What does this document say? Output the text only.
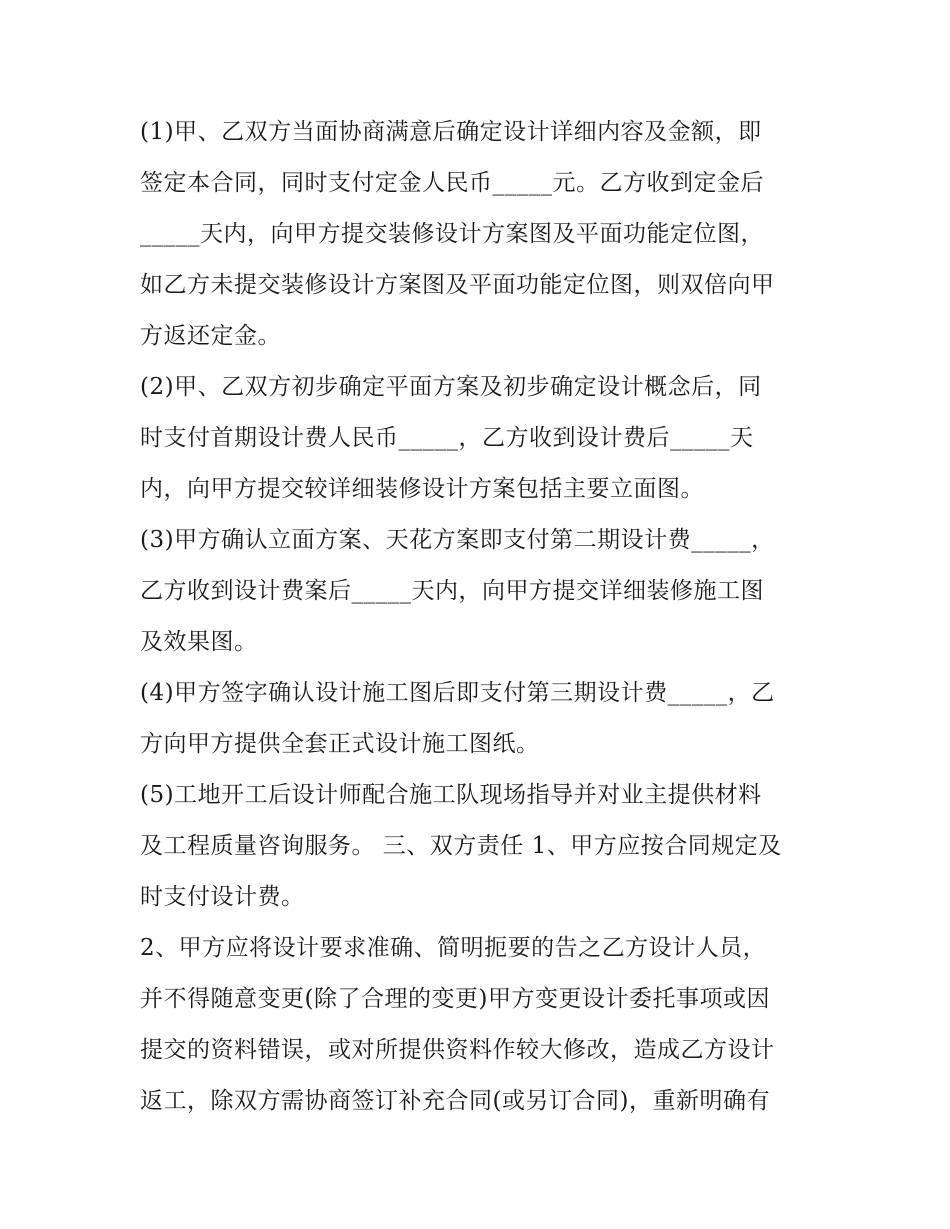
(1)甲、乙双方当面协商满意后确定设计详细内容及金额，即
签定本合同，同时支付定金人民币_____元。乙方收到定金后
_____天内，向甲方提交装修设计方案图及平面功能定位图，
如乙方未提交装修设计方案图及平面功能定位图，则双倍向甲
方返还定金。
(2)甲、乙双方初步确定平面方案及初步确定设计概念后，同
时支付首期设计费人民币_____，乙方收到设计费后_____天
内，向甲方提交较详细装修设计方案包括主要立面图。
(3)甲方确认立面方案、天花方案即支付第二期设计费_____，
乙方收到设计费案后_____天内，向甲方提交详细装修施工图
及效果图。
(4)甲方签字确认设计施工图后即支付第三期设计费_____，乙
方向甲方提供全套正式设计施工图纸。
(5)工地开工后设计师配合施工队现场指导并对业主提供材料
及工程质量咨询服务。 三、双方责任 1、甲方应按合同规定及
时支付设计费。
2、甲方应将设计要求准确、简明扼要的告之乙方设计人员，
并不得随意变更(除了合理的变更)甲方变更设计委托事项或因
提交的资料错误，或对所提供资料作较大修改，造成乙方设计
返工，除双方需协商签订补充合同(或另订合同)，重新明确有
